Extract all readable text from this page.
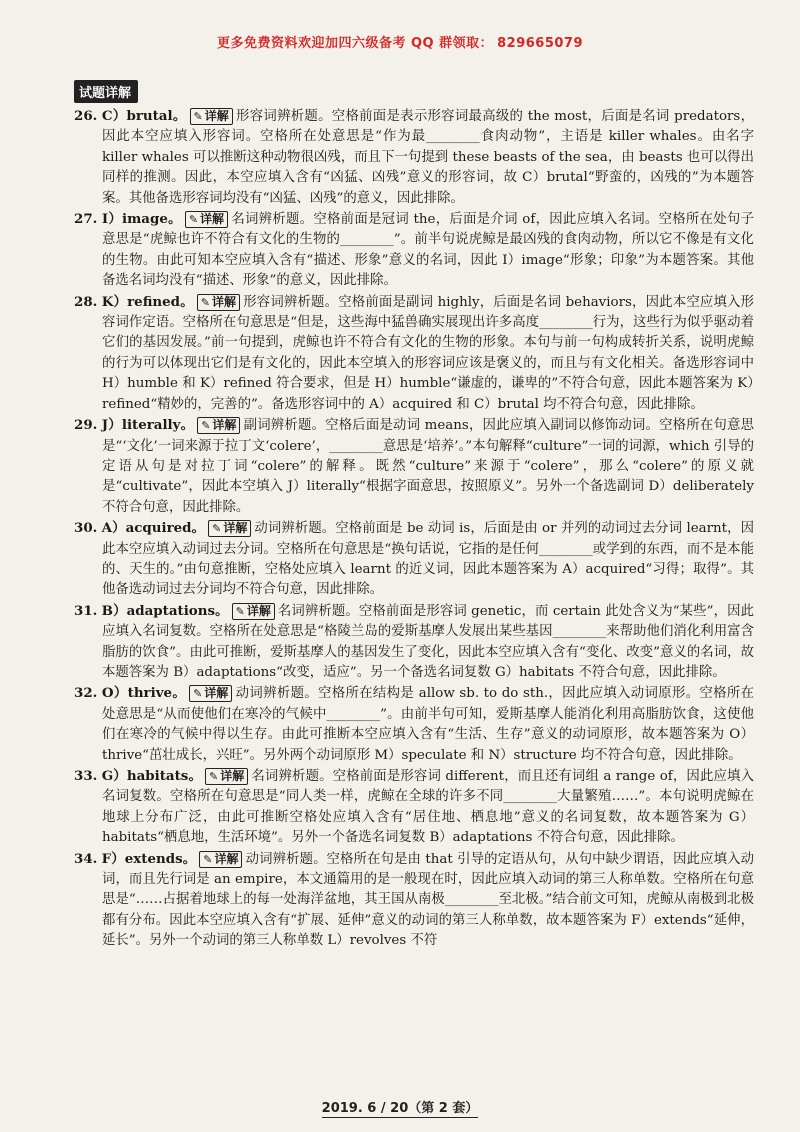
更多免费资料欢迎加四六级备考 QQ 群领取： 829665079
试题详解

26. C）brutal。 ✎ 详解 形容词辨析题。空格前面是表示形容词最高级的 the most，后面是名词 predators，因此本空应填入形容词。空格所在处意思是“作为最________食肉动物”，主语是 killer whales。由名字 killer whales 可以推断这种动物很凶残，而且下一句提到 these beasts of the sea，由 beasts 也可以得出同样的推测。因此，本空应填入含有“凶猛、凶残”意义的形容词，故 C）brutal“野蛮的，凶残的”为本题答案。其他备选形容词均没有“凶猛、凶残”的意义，因此排除。

27. I）image。 ✎ 详解 名词辨析题。空格前面是冠词 the，后面是介词 of，因此应填入名词。空格所在处句子意思是“虎鲸也许不符合有文化的生物的________”。前半句说虎鲸是最凶残的食肉动物，所以它不像是有文化的生物。由此可知本空应填入含有“描述、形象”意义的名词，因此 I）image“形象；印象”为本题答案。其他备选名词均没有“描述、形象”的意义，因此排除。

28. K）refined。 ✎ 详解 形容词辨析题。空格前面是副词 highly，后面是名词 behaviors，因此本空应填入形容词作定语。空格所在句意思是“但是，这些海中猛兽确实展现出许多高度________行为，这些行为似乎驱动着它们的基因发展。”前一句提到，虎鲸也许不符合有文化的生物的形象。本句与前一句构成转折关系，说明虎鲸的行为可以体现出它们是有文化的，因此本空填入的形容词应该是褒义的，而且与有文化相关。备选形容词中 H）humble 和 K）refined 符合要求，但是 H）humble“谦虚的，谦卑的”不符合句意，因此本题答案为 K）refined“精妙的，完善的”。备选形容词中的 A）acquired 和 C）brutal 均不符合句意，因此排除。

29. J）literally。 ✎ 详解 副词辨析题。空格后面是动词 means，因此应填入副词以修饰动词。空格所在句意思是“‘文化’一词来源于拉丁文‘colere’，________意思是‘培养’。”本句解释“culture”一词的词源，which 引导的定语从句是对拉丁词“colere”的解释。既然“culture”来源于“colere”，那么“colere”的原义就是“cultivate”，因此本空填入 J）literally“根据字面意思，按照原义”。另外一个备选副词 D）deliberately 不符合句意，因此排除。

30. A）acquired。 ✎ 详解 动词辨析题。空格前面是 be 动词 is，后面是由 or 并列的动词过去分词 learnt，因此本空应填入动词过去分词。空格所在句意思是“换句话说，它指的是任何________或学到的东西，而不是本能的、天生的。”由句意推断，空格处应填入 learnt 的近义词，因此本题答案为 A）acquired“习得；取得”。其他备选动词过去分词均不符合句意，因此排除。

31. B）adaptations。 ✎ 详解 名词辨析题。空格前面是形容词 genetic，而 certain 此处含义为“某些”，因此应填入名词复数。空格所在处意思是“格陵兰岛的爱斯基摩人发展出某些基因________来帮助他们消化利用富含脂肪的饮食”。由此可推断，爱斯基摩人的基因发生了变化，因此本空应填入含有“变化、改变”意义的名词，故本题答案为 B）adaptations“改变，适应”。另一个备选名词复数 G）habitats 不符合句意，因此排除。

32. O）thrive。 ✎ 详解 动词辨析题。空格所在结构是 allow sb. to do sth.，因此应填入动词原形。空格所在处意思是“从而使他们在寒冷的气候中________”。由前半句可知，爱斯基摩人能消化利用高脂肪饮食，这使他们在寒冷的气候中得以生存。由此可推断本空应填入含有“生活、生存”意义的动词原形，故本题答案为 O）thrive“茁壮成长，兴旺”。另外两个动词原形 M）speculate 和 N）structure 均不符合句意，因此排除。

33. G）habitats。 ✎ 详解 名词辨析题。空格前面是形容词 different，而且还有词组 a range of，因此应填入名词复数。空格所在句意思是“同人类一样，虎鲸在全球的许多不同________大量繁殖……”。本句说明虎鲸在地球上分布广泛，由此可推断空格处应填入含有“居住地、栖息地”意义的名词复数，故本题答案为 G）habitats“栖息地，生活环境”。另外一个备选名词复数 B）adaptations 不符合句意，因此排除。

34. F）extends。 ✎ 详解 动词辨析题。空格所在句是由 that 引导的定语从句，从句中缺少谓语，因此应填入动词，而且先行词是 an empire，本文通篇用的是一般现在时，因此应填入动词的第三人称单数。空格所在句意思是“……占据着地球上的每一处海洋盆地，其王国从南极________至北极。”结合前文可知，虎鲸从南极到北极都有分布。因此本空应填入含有“扩展、延伸”意义的动词的第三人称单数，故本题答案为 F）extends“延伸，延长”。另外一个动词的第三人称单数 L）revolves 不符

2019. 6 / 20（第 2 套）
